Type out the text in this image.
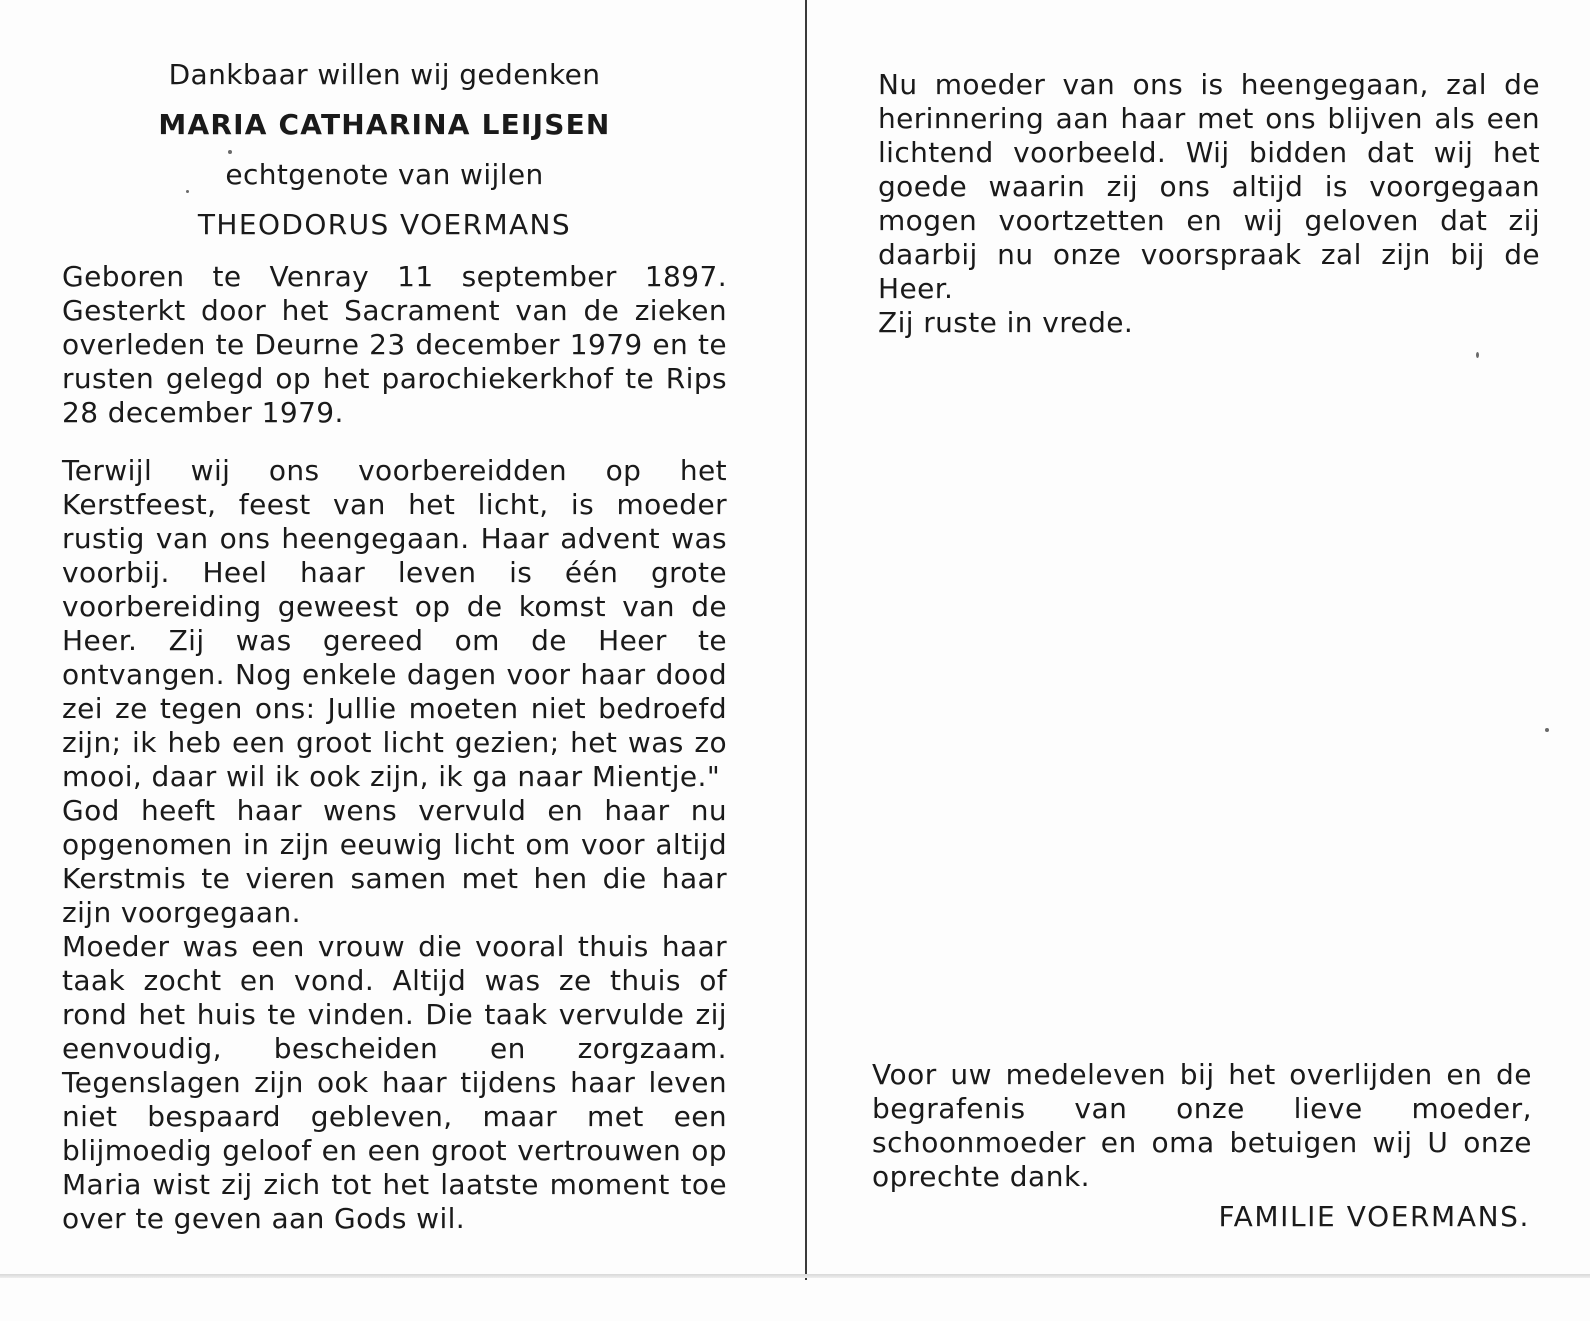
Dankbaar willen wij gedenken
MARIA CATHARINA LEIJSEN
echtgenote van wijlen
THEODORUS VOERMANS

Geboren te Venray 11 september 1897. Gesterkt door het Sacrament van de zieken overleden te Deurne 23 december 1979 en te rusten gelegd op het parochiekerkhof te Rips 28 december 1979.

Terwijl wij ons voorbereidden op het Kerstfeest, feest van het licht, is moeder rustig van ons heengegaan. Haar advent was voorbij. Heel haar leven is één grote voorbereiding geweest op de komst van de Heer. Zij was gereed om de Heer te ontvangen. Nog enkele dagen voor haar dood zei ze tegen ons: Jullie moeten niet bedroefd zijn; ik heb een groot licht gezien; het was zo mooi, daar wil ik ook zijn, ik ga naar Mientje."

God heeft haar wens vervuld en haar nu opgenomen in zijn eeuwig licht om voor altijd Kerstmis te vieren samen met hen die haar zijn voorgegaan.

Moeder was een vrouw die vooral thuis haar taak zocht en vond. Altijd was ze thuis of rond het huis te vinden. Die taak vervulde zij eenvoudig, bescheiden en zorgzaam. Tegenslagen zijn ook haar tijdens haar leven niet bespaard gebleven, maar met een blijmoedig geloof en een groot vertrouwen op Maria wist zij zich tot het laatste moment toe over te geven aan Gods wil.

Nu moeder van ons is heengegaan, zal de herinnering aan haar met ons blijven als een lichtend voorbeeld. Wij bidden dat wij het goede waarin zij ons altijd is voorgegaan mogen voortzetten en wij geloven dat zij daarbij nu onze voorspraak zal zijn bij de Heer.

Zij ruste in vrede.

Voor uw medeleven bij het overlijden en de begrafenis van onze lieve moeder, schoonmoeder en oma betuigen wij U onze oprechte dank.

FAMILIE VOERMANS.
